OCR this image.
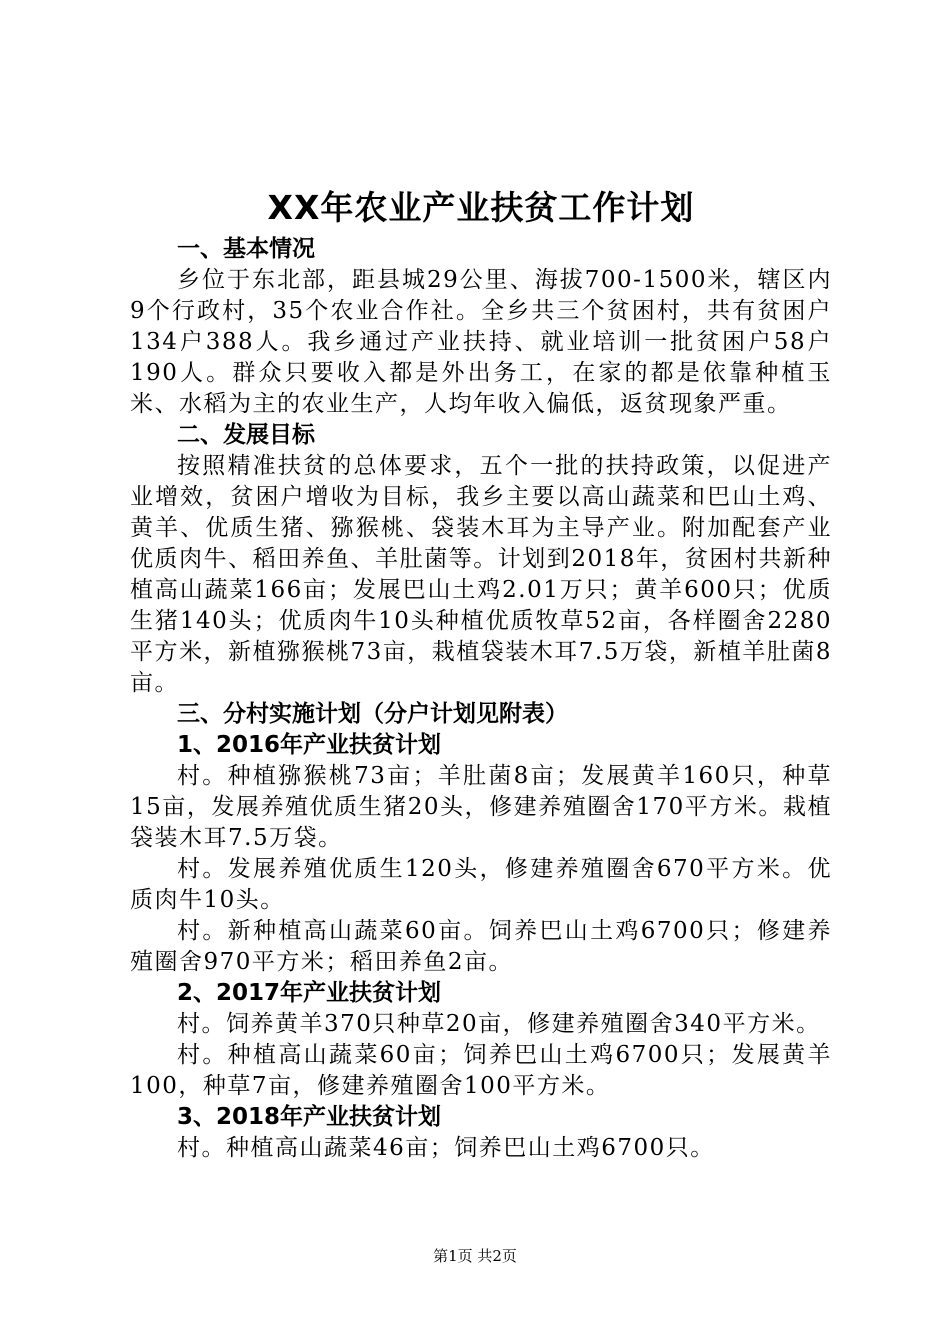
XX年农业产业扶贫工作计划

一、基本情况

乡位于东北部，距县城29公里、海拔700-1500米，辖区内9个行政村，35个农业合作社。全乡共三个贫困村，共有贫困户134户388人。我乡通过产业扶持、就业培训一批贫困户58户190人。群众只要收入都是外出务工，在家的都是依靠种植玉米、水稻为主的农业生产，人均年收入偏低，返贫现象严重。

二、发展目标

按照精准扶贫的总体要求，五个一批的扶持政策，以促进产业增效，贫困户增收为目标，我乡主要以高山蔬菜和巴山土鸡、黄羊、优质生猪、猕猴桃、袋装木耳为主导产业。附加配套产业优质肉牛、稻田养鱼、羊肚菌等。计划到2018年，贫困村共新种植高山蔬菜166亩；发展巴山土鸡2.01万只；黄羊600只；优质生猪140头；优质肉牛10头种植优质牧草52亩，各样圈舍2280平方米，新植猕猴桃73亩，栽植袋装木耳7.5万袋，新植羊肚菌8亩。

三、分村实施计划（分户计划见附表）

1、2016年产业扶贫计划

村。种植猕猴桃73亩；羊肚菌8亩；发展黄羊160只，种草15亩，发展养殖优质生猪20头，修建养殖圈舍170平方米。栽植袋装木耳7.5万袋。

村。发展养殖优质生120头，修建养殖圈舍670平方米。优质肉牛10头。

村。新种植高山蔬菜60亩。饲养巴山土鸡6700只；修建养殖圈舍970平方米；稻田养鱼2亩。

2、2017年产业扶贫计划

村。饲养黄羊370只种草20亩，修建养殖圈舍340平方米。

村。种植高山蔬菜60亩；饲养巴山土鸡6700只；发展黄羊100，种草7亩，修建养殖圈舍100平方米。

3、2018年产业扶贫计划

村。种植高山蔬菜46亩；饲养巴山土鸡6700只。

第1页 共2页
